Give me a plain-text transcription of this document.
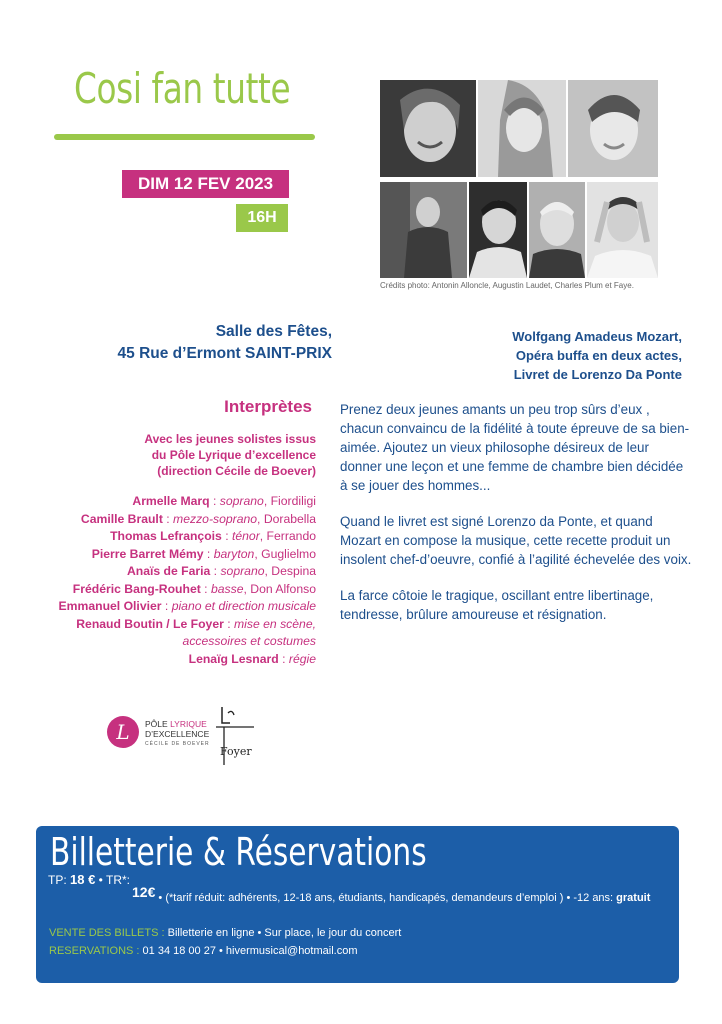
Cosi fan tutte
DIM 12 FEV 2023
16H
Crédits photo: Antonin Alloncle, Augustin Laudet, Charles Plum et Faye.
Salle des Fêtes,
45 Rue d’Ermont SAINT-PRIX
Wolfgang Amadeus Mozart,
Opéra buffa en deux actes,
Livret de Lorenzo Da Ponte
Interprètes
Avec les jeunes solistes issus
du Pôle Lyrique d’excellence
(direction Cécile de Boever)
Armelle Marq : soprano, Fiordiligi
Camille Brault : mezzo-soprano, Dorabella
Thomas Lefrançois : ténor, Ferrando
Pierre Barret Mémy : baryton, Guglielmo
Anaïs de Faria : soprano, Despina
Frédéric Bang-Rouhet : basse, Don Alfonso
Emmanuel Olivier : piano et direction musicale
Renaud Boutin / Le Foyer : mise en scène,
accessoires et costumes
Lenaïg Lesnard : régie

Prenez deux jeunes amants un peu trop sûrs d’eux , chacun convaincu de la fidélité à toute épreuve de sa bien-aimée. Ajoutez un vieux philosophe désireux de leur donner une leçon et une femme de chambre bien décidée à se jouer des hommes...

Quand le livret est signé Lorenzo da Ponte, et quand Mozart en compose la musique, cette recette produit un insolent chef-d’oeuvre, confié à l’agilité échevelée des voix.

La farce côtoie le tragique, oscillant entre libertinage, tendresse, brûlure amoureuse et résignation.

L PÔLE LYRIQUE
D’EXCELLENCE
CÉCILE DE BOEVER
Foyer
Billetterie & Réservations
TP: 18 € • TR*:
12€ • (*tarif réduit: adhérents, 12-18 ans, étudiants, handicapés, demandeurs d’emploi ) • -12 ans: gratuit
VENTE DES BILLETS : Billetterie en ligne • Sur place, le jour du concert
RESERVATIONS : 01 34 18 00 27 • hivermusical@hotmail.com
